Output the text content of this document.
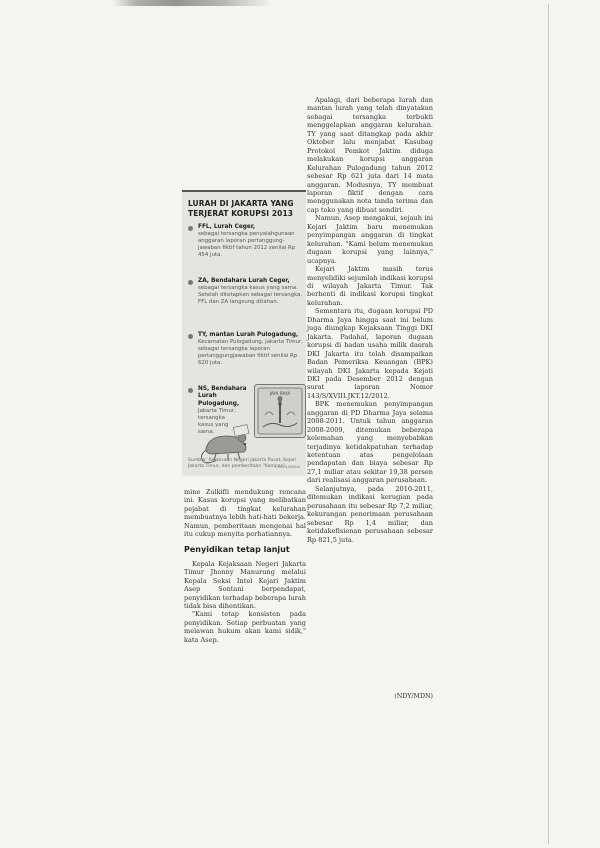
LURAH DI JAKARTA YANG TERJERAT KORUPSI 2013
FFL, Lurah Ceger,
sebagai tersangka penyalahgunaan anggaran laporan pertanggung-jawaban fiktif tahun 2012 senilai Rp 454 juta.
ZA, Bendahara Lurah Ceger,
sebagai tersangka kasus yang sama. Setelah ditetapkan sebagai tersangka, FFL dan ZA langsung ditahan.
TY, mantan Lurah Pulogadung,
Kecamatan Pulogadung, Jakarta Timur, sebagai tersangka laporan pertanggungjawaban fiktif senilai Rp 620 juta.
NS, Bendahara Lurah Pulogadung,
Jakarta Timur, tersangka kasus yang sama.
JAYA RAYA
Sumber: Kejaksaan Negeri Jakarta Pusat, Kejari Jakarta Timur, dan pemberitaan "Kompas"
GUNAWAN

Apalagi, dari beberapa lurah dan mantan lurah yang telah dinyatakan sebagai tersangka terbukti menggelapkan anggaran kelurahan. TY yang saat ditangkap pada akhir Oktober lalu menjabat Kasubag Protokol Pemkot Jaktim diduga melakukan korupsi anggaran Kelurahan Pulogadung tahun 2012 sebesar Rp 621 juta dari 14 mata anggaran. Modusnya, TY membuat laporan fiktif dengan cara menggunakan nota tanda terima dan cap toko yang dibuat sendiri.

Namun, Asep mengakui, sejauh ini Kejari Jaktim baru menemukan penyimpangan anggaran di tingkat kelurahan. "Kami belum menemukan dugaan korupsi yang lainnya," ucapnya.

Kejari Jaktim masih terus menyelidiki sejumlah indikasi korupsi di wilayah Jakarta Timur. Tak berhenti di indikasi korupsi tingkat kelurahan.

Sementara itu, dugaan korupsi PD Dharma Jaya hingga saat ini belum juga diungkap Kejaksaan Tinggi DKI Jakarta. Padahal, laporan dugaan korupsi di badan usaha milik daerah DKI Jakarta itu telah disampaikan Badan Pemeriksa Keuangan (BPK) wilayah DKI Jakarta kepada Kejati DKI pada Desember 2012 dengan surat laporan Nomor 143/S/XVIII.JKT.12/2012.

BPK menemukan penyimpangan anggaran di PD Dharma Jaya selama 2008-2011. Untuk tahun anggaran 2008-2009, ditemukan beberapa kelemahan yang menyebabkan terjadinya ketidakpatuhan terhadap ketentuan atas pengelolaan pendapatan dan biaya sebesar Rp 27,1 miliar atau sekitar 19,38 persen dari realisasi anggaran perusahaan.

Selanjutnya, pada 2010-2011, ditemukan indikasi kerugian pada perusahaan itu sebesar Rp 7,2 miliar, kekurangan penerimaan perusahaan sebesar Rp 1,4 miliar, dan ketidakefisienan perusahaan sebesar Rp 821,5 juta.

mine Zulkifli mendukung rencana ini. Kasus korupsi yang melibatkan pejabat di tingkat kelurahan membuatnya lebih hati-hati bekerja. Namun, pemberitaan mengenai hal itu cukup menyita perhatiannya.

Penyidikan tetap lanjut

Kepala Kejaksaan Negeri Jakarta Timur Jhonny Manurung melalui Kepala Seksi Intel Kejari Jaktim Asep Sontani berpendapat, penyidikan terhadap beberapa lurah tidak bisa dihentikan.

"Kami tetap konsisten pada penyidikan. Setiap perbuatan yang melawan hukum akan kami sidik," kata Asep.

(NDY/MDN)
